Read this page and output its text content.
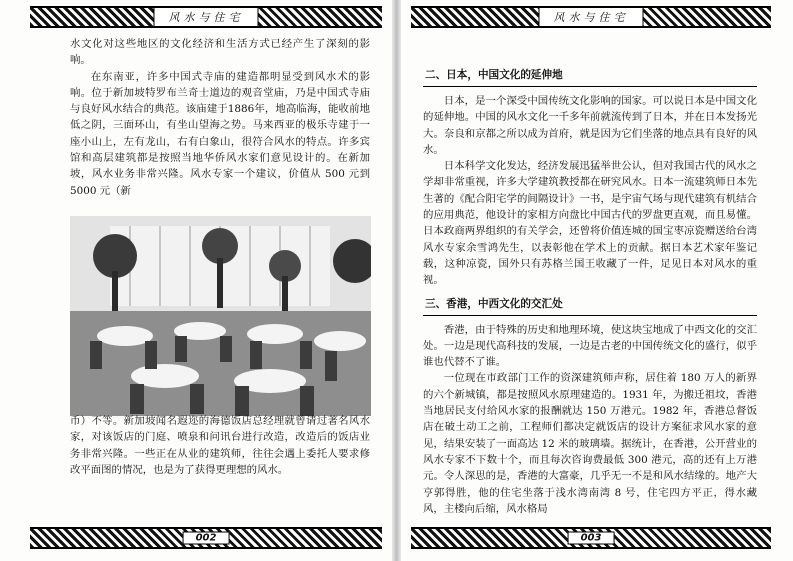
风水与住宅

水文化对这些地区的文化经济和生活方式已经产生了深刻的影响。

在东南亚，许多中国式寺庙的建造都明显受到风水术的影响。位于新加坡特罗布兰奇士道边的观音堂庙，乃是中国式寺庙与良好风水结合的典范。该庙建于1886年，地高临海，能收前地低之阴，三面环山，有坐山望海之势。马来西亚的极乐寺建于一座小山上，左有龙山，右有白象山，很符合风水的特点。许多宾馆和高层建筑都是按照当地华侨风水家们意见设计的。在新加坡，风水业务非常兴隆。风水专家一个建议，价值从 500 元到 5000 元（新

币）不等。新加坡闻名遐迩的海德饭店总经理就曾请过著名风水家，对该饭店的门庭、喷泉和问讯台进行改造，改造后的饭店业务非常兴隆。一些正在从业的建筑师，往往会遇上委托人要求修改平面图的情况，也是为了获得更理想的风水。

002
风水与住宅
二、日本，中国文化的延伸地

日本，是一个深受中国传统文化影响的国家。可以说日本是中国文化的延伸地。中国的风水文化一千多年前就流传到了日本，并在日本发扬光大。奈良和京都之所以成为首府，就是因为它们坐落的地点具有良好的风水。

日本科学文化发达，经济发展迅猛举世公认，但对我国古代的风水之学却非常重视，许多大学建筑教授都在研究风水。日本一流建筑师日本先生著的《配合阳宅学的间隔设计》一书，是宇宙气场与现代建筑有机结合的应用典范，他设计的家相方向盘比中国古代的罗盘更直观，而且易懂。日本政商两界组织的有关学会，还曾将价值连城的国宝枣凉瓷赠送给台湾风水专家余雪鸿先生，以表彰他在学术上的贡献。据日本艺术家年鉴记载，这种凉瓷，国外只有苏格兰国王收藏了一件，足见日本对风水的重视。

三、香港，中西文化的交汇处

香港，由于特殊的历史和地理环境，使这块宝地成了中西文化的交汇处。一边是现代高科技的发展，一边是古老的中国传统文化的盛行，似乎谁也代替不了谁。

一位现在市政部门工作的资深建筑师声称，居住着 180 万人的新界的六个新城镇，都是按照风水原理建造的。1931 年，为搬迁祖坟，香港当地居民支付给风水家的报酬就达 150 万港元。1982 年，香港总督饭店在破土动工之前，工程师们都决定就饭店的设计方案征求风水家的意见，结果安装了一面高达 12 米的玻璃墙。据统计，在香港，公开营业的风水专家不下数十个，而且每次咨询费最低 300 港元，高的还有上万港元。令人深思的是，香港的大富豪，几乎无一不是和风水结缘的。地产大亨郭得胜，他的住宅坐落于浅水湾南湾 8 号，住宅四方平正，得水藏风，主楼向后缩，风水格局

003
